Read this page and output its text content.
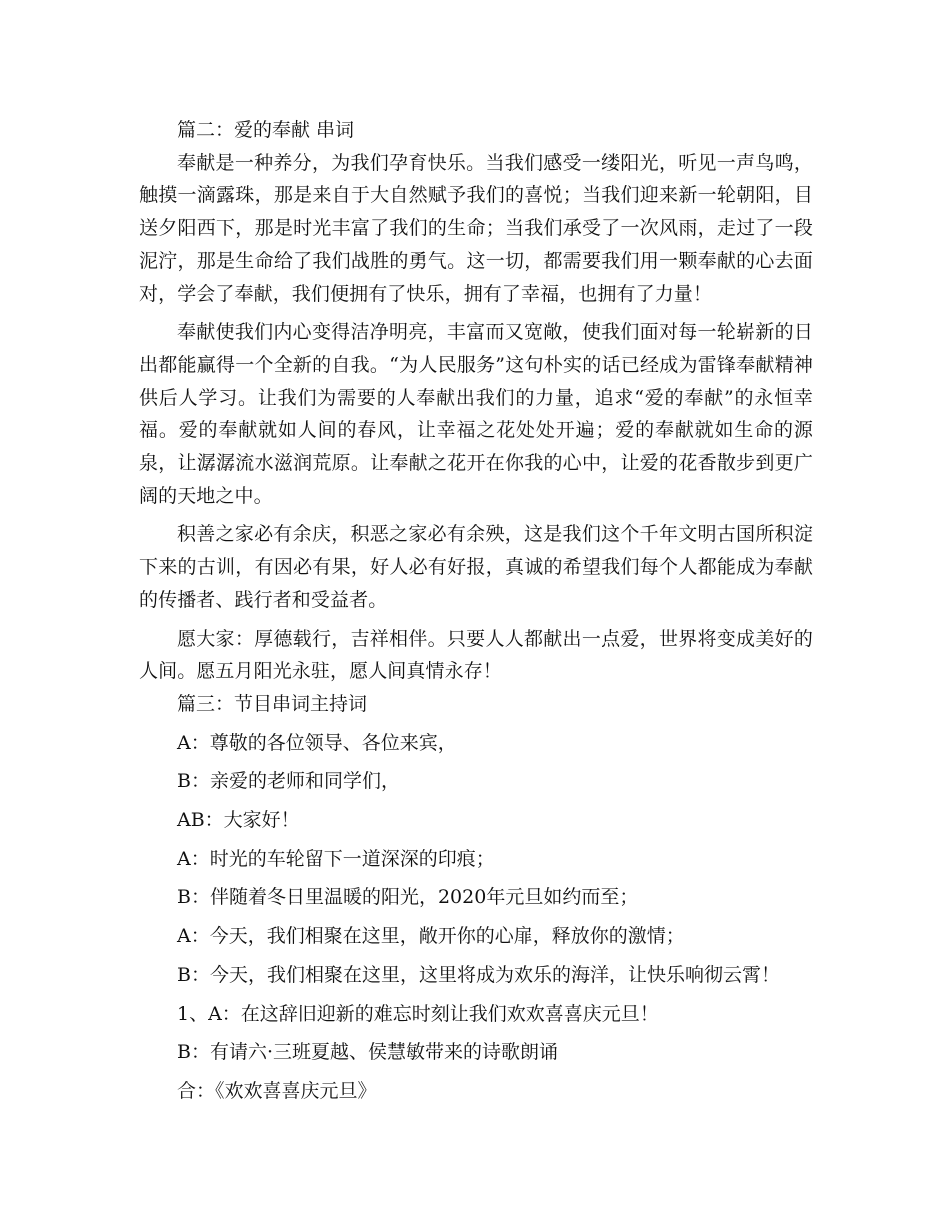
篇二：爱的奉献 串词

奉献是一种养分，为我们孕育快乐。当我们感受一缕阳光，听见一声鸟鸣，触摸一滴露珠，那是来自于大自然赋予我们的喜悦；当我们迎来新一轮朝阳，目送夕阳西下，那是时光丰富了我们的生命；当我们承受了一次风雨，走过了一段泥泞，那是生命给了我们战胜的勇气。这一切，都需要我们用一颗奉献的心去面对，学会了奉献，我们便拥有了快乐，拥有了幸福，也拥有了力量！

奉献使我们内心变得洁净明亮，丰富而又宽敞，使我们面对每一轮崭新的日出都能赢得一个全新的自我。“为人民服务”这句朴实的话已经成为雷锋奉献精神供后人学习。让我们为需要的人奉献出我们的力量，追求“爱的奉献”的永恒幸福。爱的奉献就如人间的春风，让幸福之花处处开遍；爱的奉献就如生命的源泉，让潺潺流水滋润荒原。让奉献之花开在你我的心中，让爱的花香散步到更广阔的天地之中。

积善之家必有余庆，积恶之家必有余殃，这是我们这个千年文明古国所积淀下来的古训，有因必有果，好人必有好报，真诚的希望我们每个人都能成为奉献的传播者、践行者和受益者。

愿大家：厚德载行，吉祥相伴。只要人人都献出一点爱，世界将变成美好的人间。愿五月阳光永驻，愿人间真情永存！

篇三：节目串词主持词

A：尊敬的各位领导、各位来宾，

B：亲爱的老师和同学们，

AB：大家好！

A：时光的车轮留下一道深深的印痕；

B：伴随着冬日里温暖的阳光，2020年元旦如约而至；

A：今天，我们相聚在这里，敞开你的心扉，释放你的激情；

B：今天，我们相聚在这里，这里将成为欢乐的海洋，让快乐响彻云霄！

1、A：在这辞旧迎新的难忘时刻让我们欢欢喜喜庆元旦！

B：有请六·三班夏越、侯慧敏带来的诗歌朗诵

合：《欢欢喜喜庆元旦》
